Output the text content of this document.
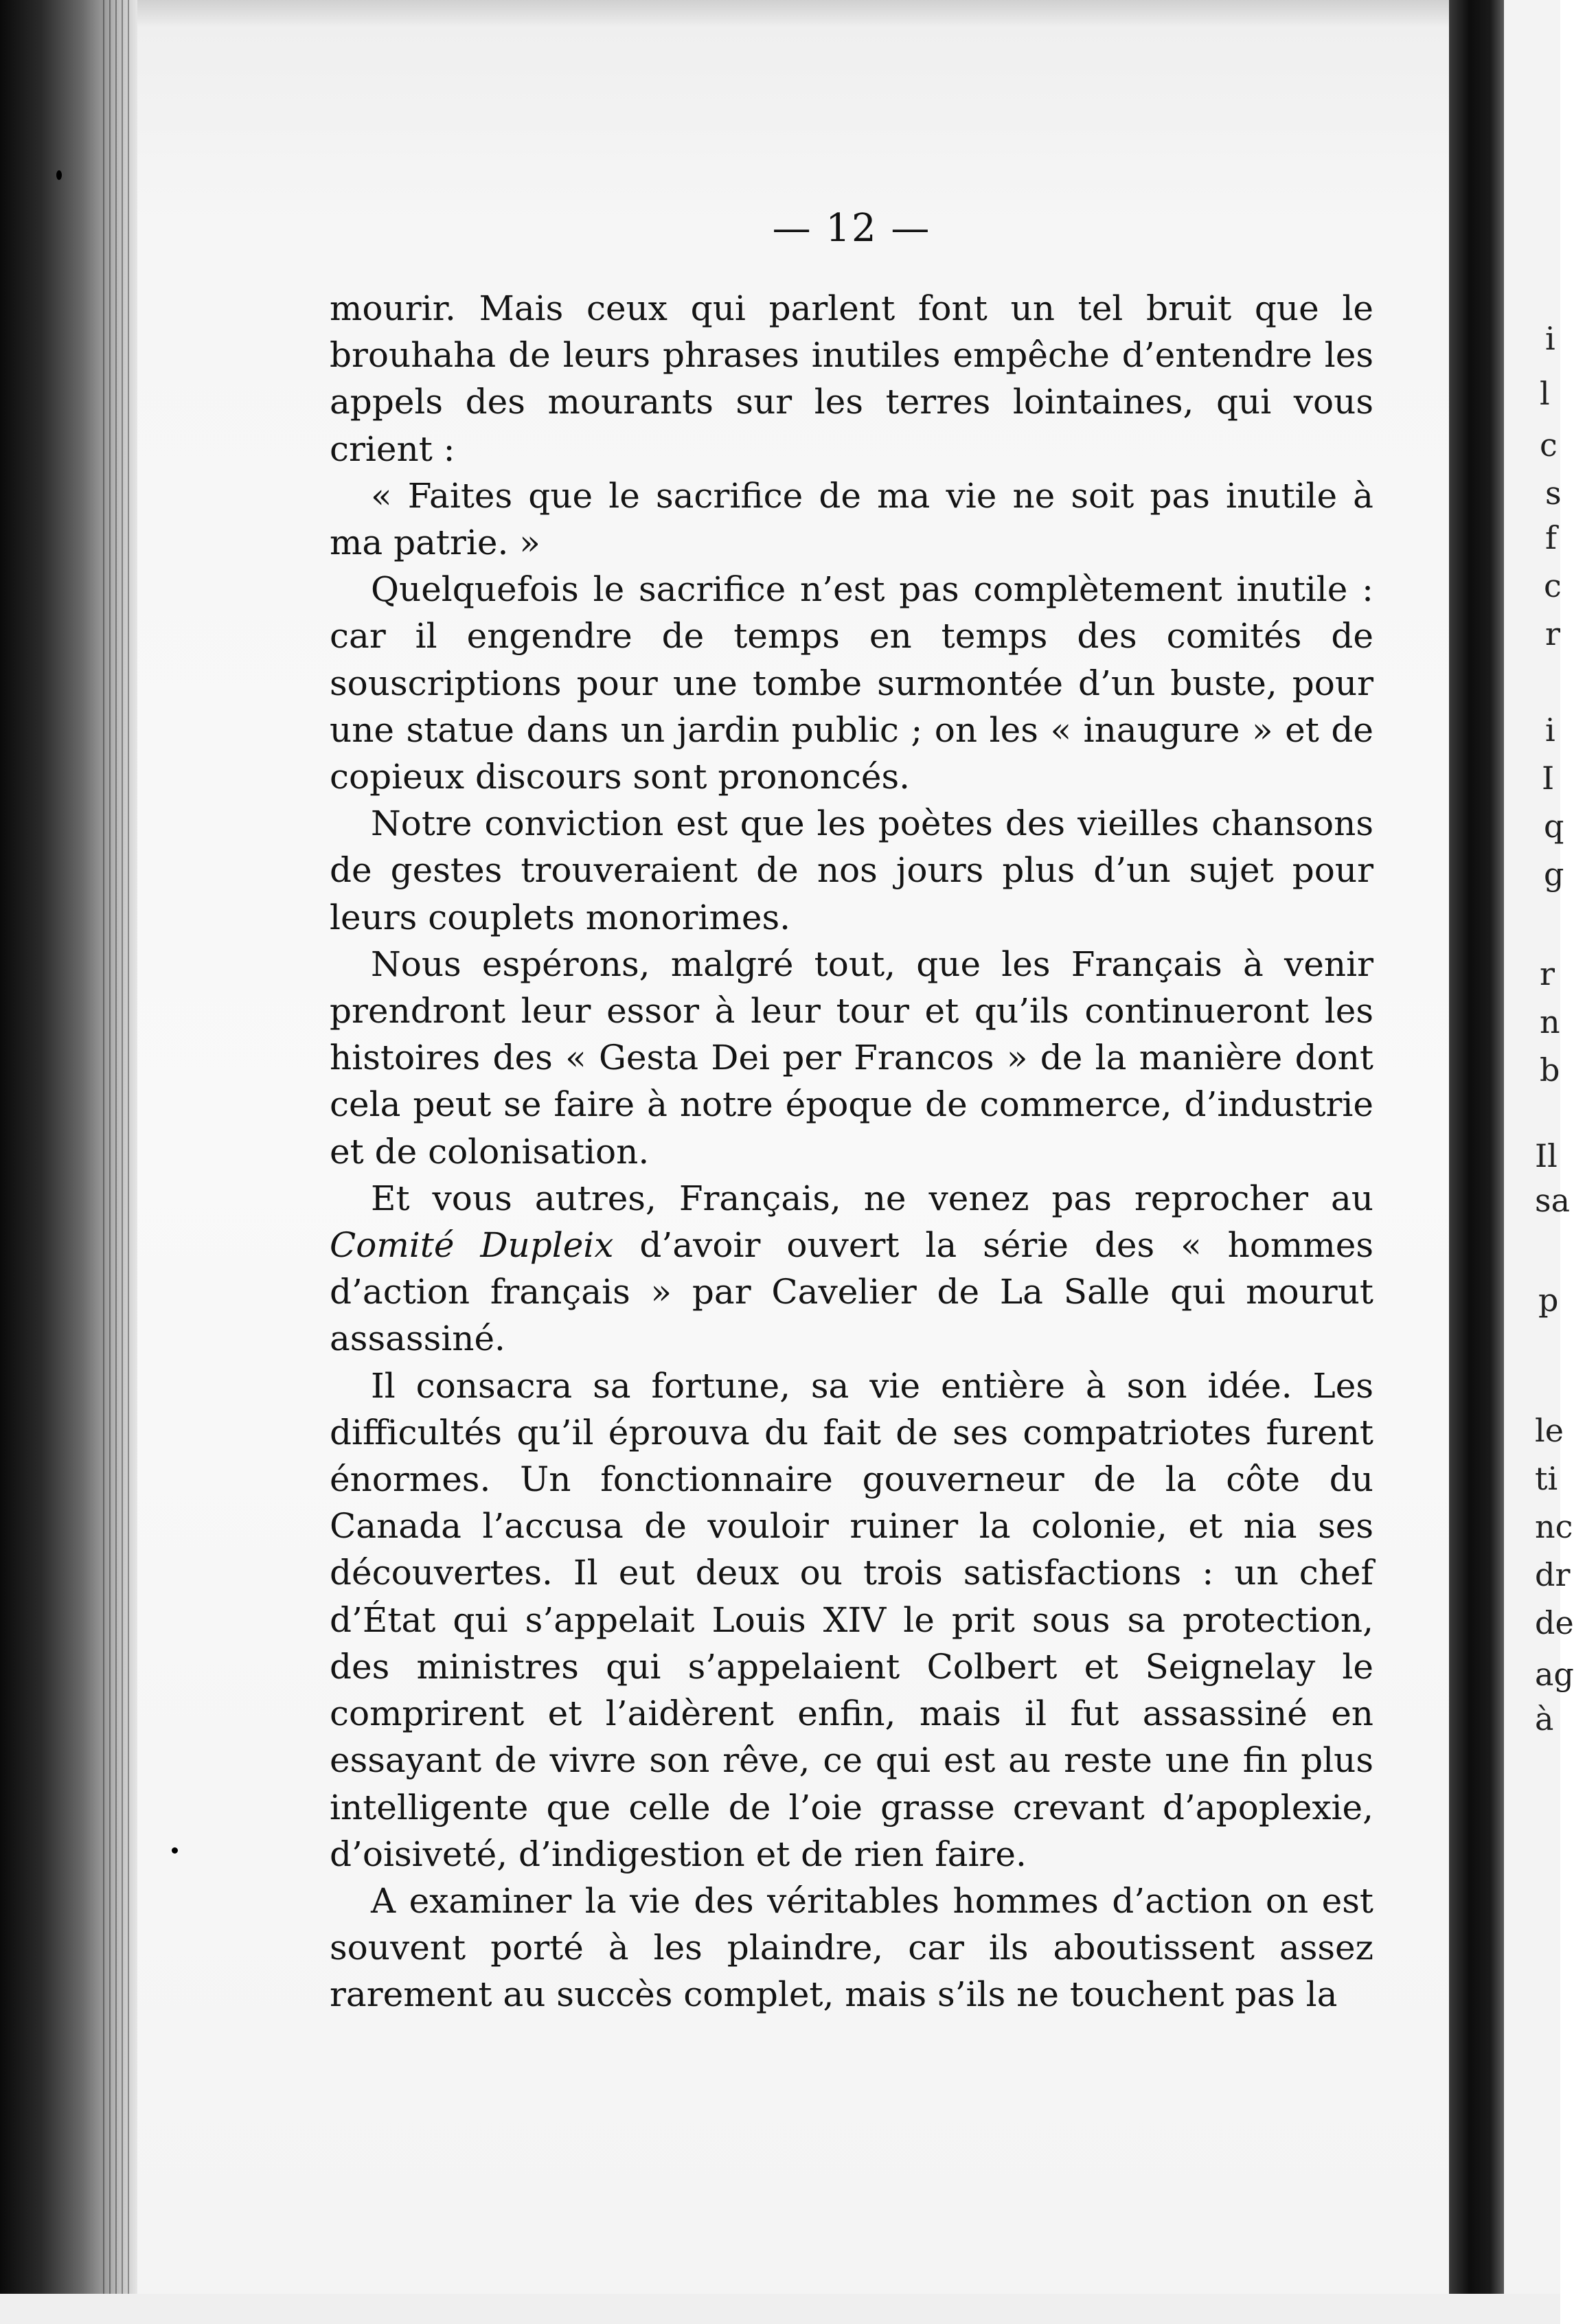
i
l
c
s
f
c
r
i
I
q
g
r
n
b
Il
sa
p
le
ti
nc
dr
de
ag
à
— 12 —

mourir. Mais ceux qui parlent font un tel bruit que le brouhaha de leurs phrases inutiles empêche d’entendre les appels des mourants sur les terres lointaines, qui vous crient :

« Faites que le sacrifice de ma vie ne soit pas inutile à ma patrie. »

Quelquefois le sacrifice n’est pas complètement inutile : car il engendre de temps en temps des comités de souscriptions pour une tombe surmontée d’un buste, pour une statue dans un jardin public ; on les « inaugure » et de copieux discours sont prononcés.

Notre conviction est que les poètes des vieilles chansons de gestes trouveraient de nos jours plus d’un sujet pour leurs couplets monorimes.

Nous espérons, malgré tout, que les Français à venir prendront leur essor à leur tour et qu’ils continueront les histoires des « Gesta Dei per Francos » de la manière dont cela peut se faire à notre époque de commerce, d’industrie et de colonisation.

Et vous autres, Français, ne venez pas reprocher au Comité Dupleix d’avoir ouvert la série des « hommes d’action français » par Cavelier de La Salle qui mourut assassiné.

Il consacra sa fortune, sa vie entière à son idée. Les difficultés qu’il éprouva du fait de ses compatriotes furent énormes. Un fonctionnaire gouverneur de la côte du Canada l’accusa de vouloir ruiner la colonie, et nia ses découvertes. Il eut deux ou trois satisfactions : un chef d’État qui s’appelait Louis XIV le prit sous sa protection, des ministres qui s’appelaient Colbert et Seignelay le comprirent et l’aidèrent enfin, mais il fut assassiné en essayant de vivre son rêve, ce qui est au reste une fin plus intelligente que celle de l’oie grasse crevant d’apoplexie, d’oisiveté, d’indigestion et de rien faire.

A examiner la vie des véritables hommes d’action on est souvent porté à les plaindre, car ils aboutissent assez rarement au succès complet, mais s’ils ne touchent pas la
